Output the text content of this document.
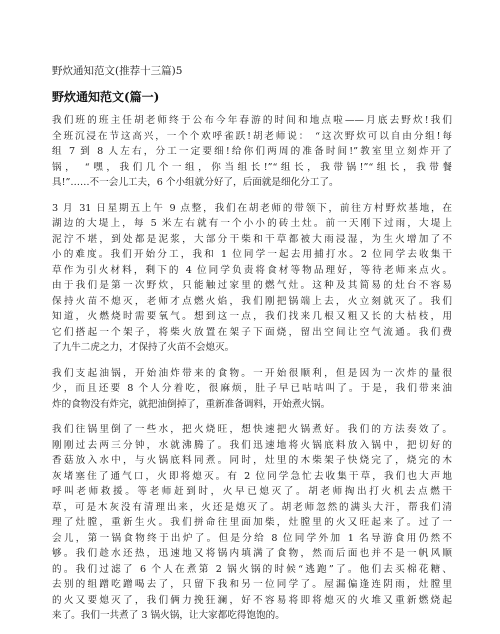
野炊通知范文(推荐十三篇)5
野炊通知范文(篇一)
我们班的班主任胡老师终于公布今年春游的时间和地点啦——月底去野炊!我们
全班沉浸在节这高兴，一个个欢呼雀跃!胡老师说： “这次野炊可以自由分组!每
组 7 到 8 人左右，分工一定要细!给你们两周的准备时间!”教室里立刻炸开了
锅， “嘿，我们几个一组，你当组长!”“组长，我带锅!”“组长，我带餐
具!”……不一会儿工夫，6 个小组就分好了，后面就是细化分工了。
3 月 31 日星期五上午 9 点整，我们在胡老师的带领下，前往方村野炊基地，在
湖边的大堤上，每 5 米左右就有一个小小的砖土灶。前一天刚下过雨，大堤上
泥泞不堪，到处都是泥浆，大部分干柴和干草都被大雨浸湿，为生火增加了不
小的难度。我们开始分工，我和 1 位同学一起去用捕打水。2 位同学去收集干
草作为引火材料，剩下的 4 位同学负责将食材等物品理好，等待老师来点火。
由于我们是第一次野炊，只能触过家里的燃气灶。这种及其简易的灶台不容易
保持火苗不熄灭，老师才点燃火焰，我们刚把锅端上去，火立刻就灭了。我们
知道，火燃烧时需要氧气。想到这一点，我们找来几根又粗又长的大枯枝，用
它们搭起一个架子，将柴火放置在架子下面烧，留出空间让空气流通。我们费
了九牛二虎之力，才保持了火苗不会熄灭。
我们支起油锅，开始油炸带来的食物。一开始很顺利，但是因为一次炸的量很
少，而且还要 8 个人分着吃，很麻烦，肚子早已咕咕叫了。于是，我们带来油
炸的食物没有炸完，就把油倒掉了，重新准备调料，开始煮火锅。
我们往锅里倒了一些水，把火烧旺，想快速把火锅煮好。我们的方法奏效了。
刚刚过去两三分钟，水就沸腾了。我们迅速地将火锅底料放入锅中，把切好的
香菇放入水中，与火锅底料同煮。同时，灶里的木柴架子快烧完了，烧完的木
灰堵塞住了通气口，火即将熄灭。有 2 位同学急忙去收集干草，我们也大声地
呼叫老师救援。等老师赶到时，火早已熄灭了。胡老师掏出打火机去点燃干
草，可是木灰没有清理出来，火还是熄灭了。胡老师忽然的满头大汗，帮我们清
理了灶膛，重新生火。我们拼命往里面加柴，灶膛里的火又旺起来了。过了一
会儿，第一锅食物终于出炉了。但是分给 8 位同学外加 1 名导游食用仍然不
够。我们趁水还热，迅速地又将锅内填满了食物，然而后面也并不是一帆风顺
的。我们过滤了 6 个人在煮第 2 锅火锅的时候“逃跑”了。他们去买棉花糖、
去别的组蹭吃蹭喝去了，只留下我和另一位同学了。屋漏偏逢连阴雨，灶膛里
的火又要熄灭了，我们俩力挽狂澜，好不容易将即将熄灭的火堆又重新燃烧起
来了。我们一共煮了 3 锅火锅，让大家都吃得饱饱的。
